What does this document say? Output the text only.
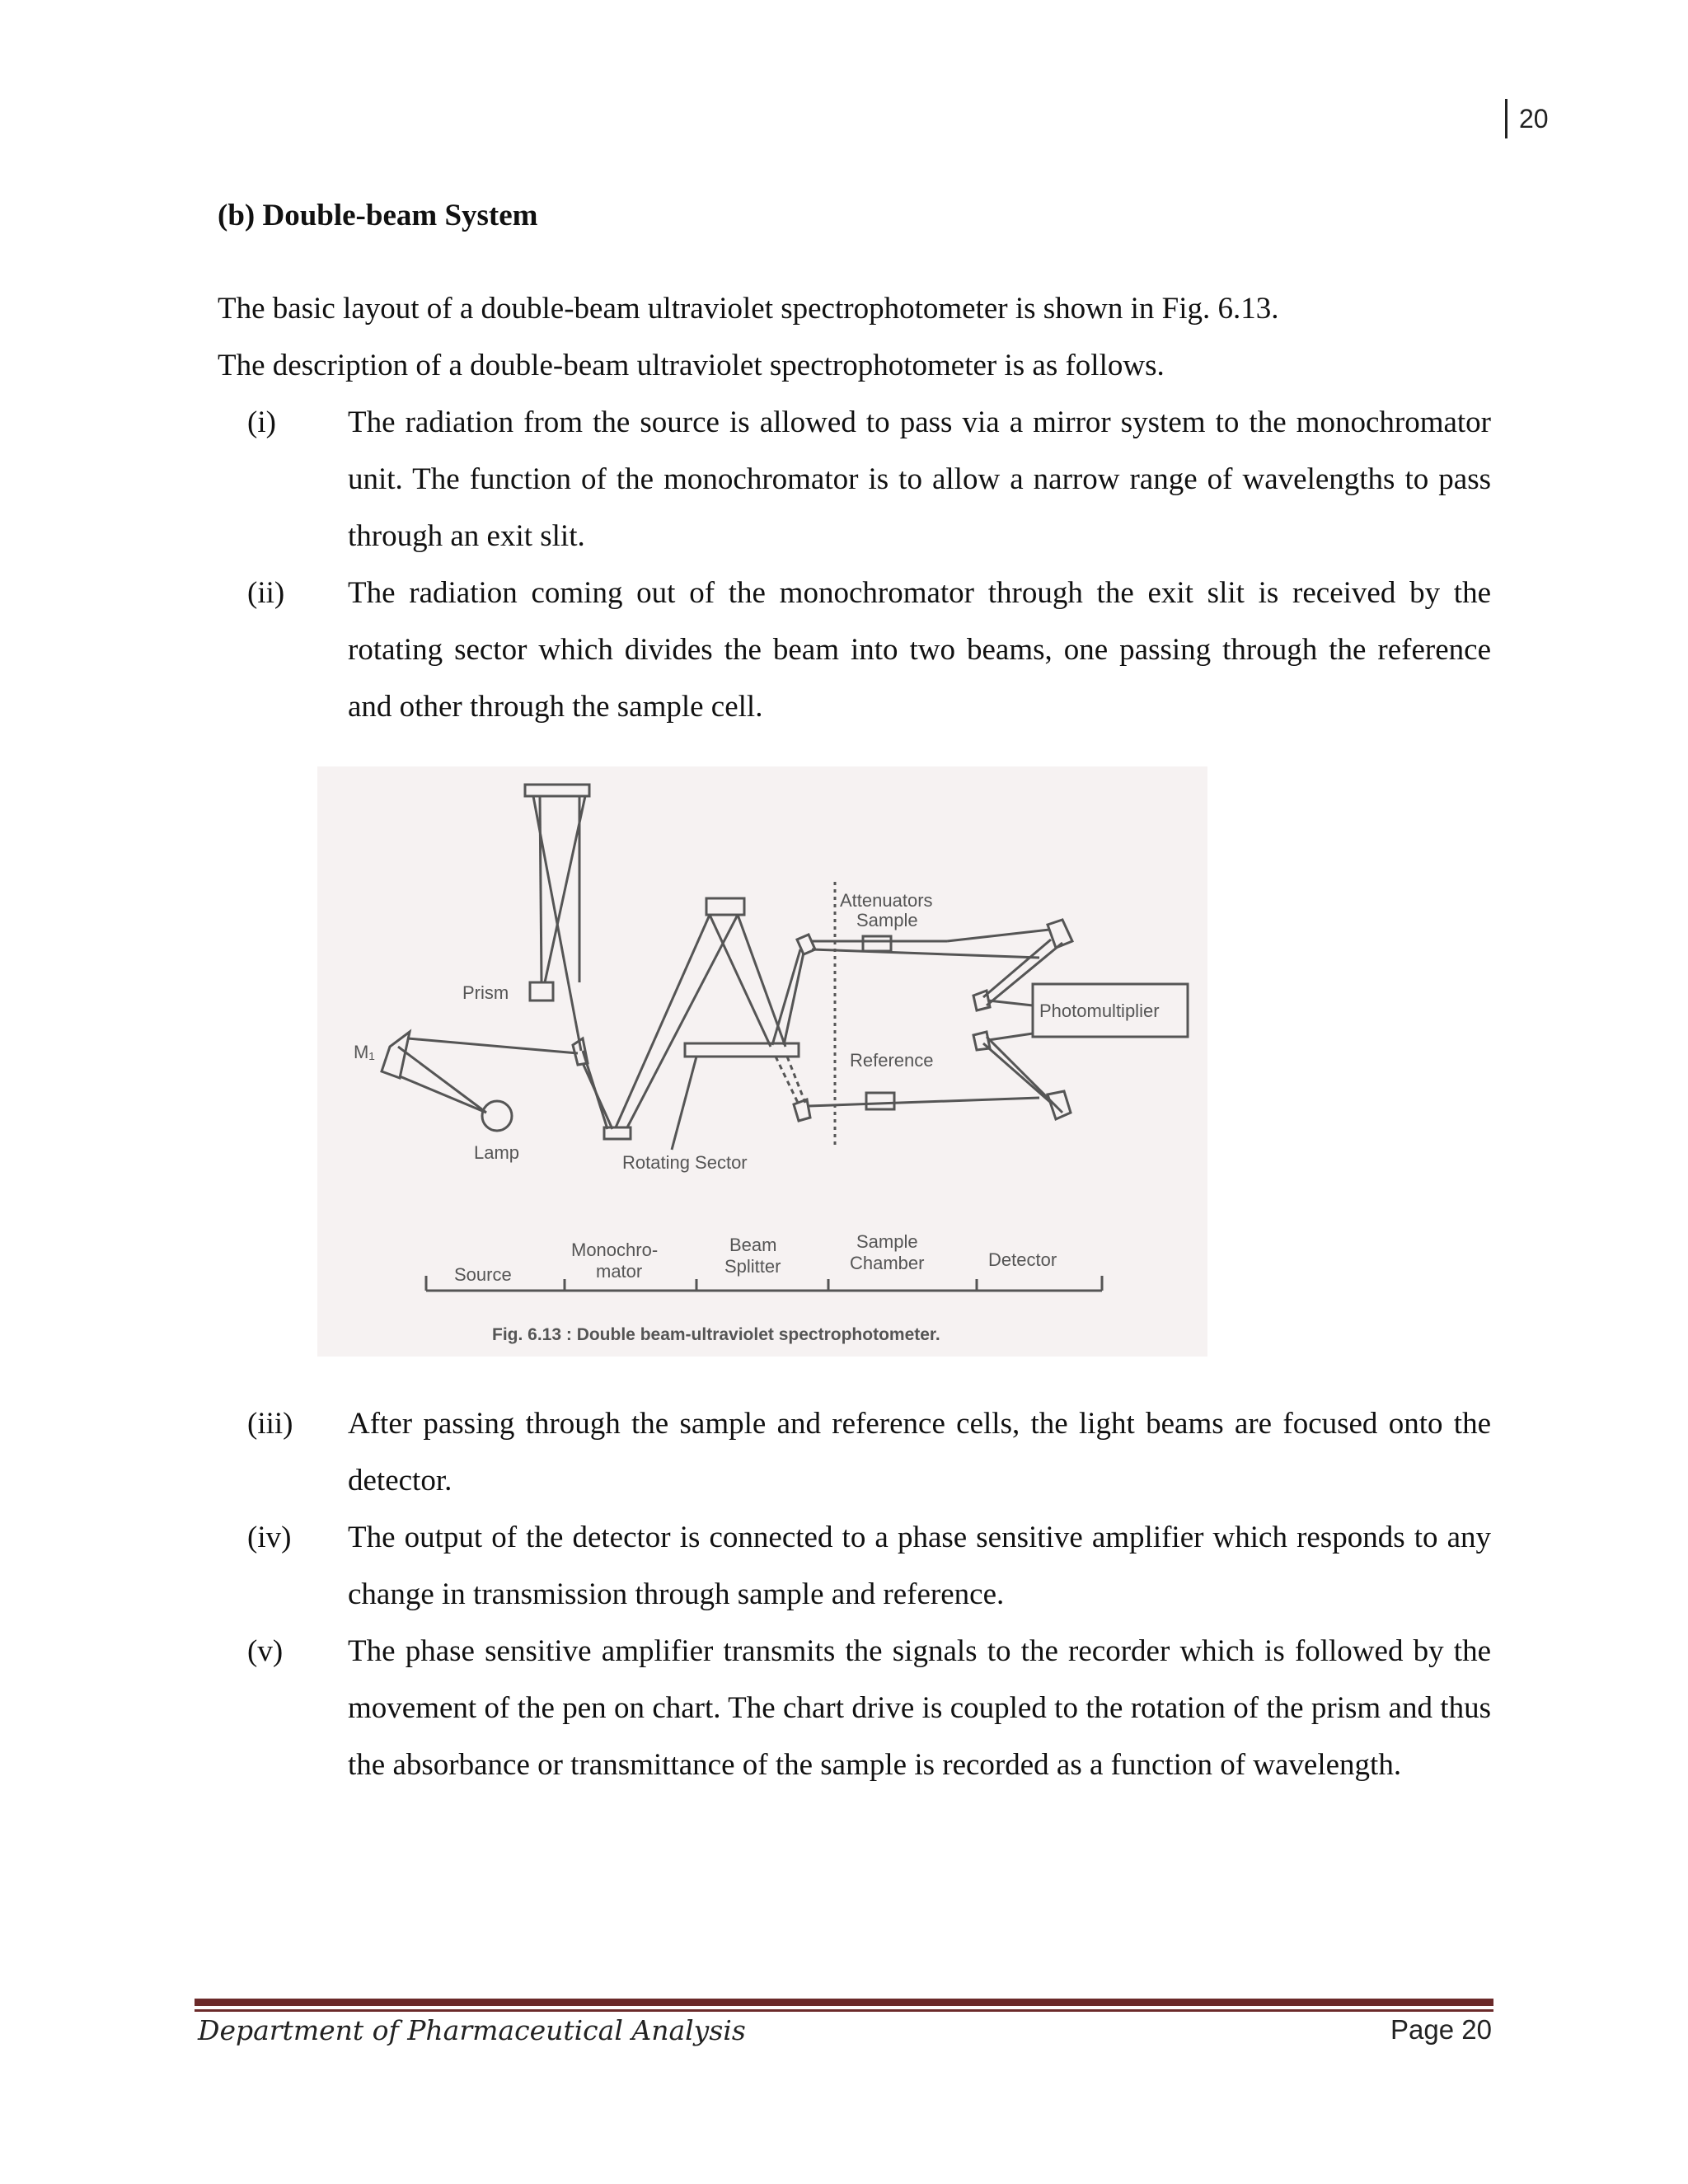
20
(b) Double-beam System

The basic layout of a double-beam ultraviolet spectrophotometer is shown in Fig. 6.13.

The description of a double-beam ultraviolet spectrophotometer is as follows.

(i)	The radiation from the source is allowed to pass via a mirror system to the monochromator unit. The function of the monochromator is to allow a narrow range of wavelengths to pass through an exit slit.
(ii)	The radiation coming out of the monochromator through the exit slit is received by the rotating sector which divides the beam into two beams, one passing through the reference and other through the sample cell.
Prism
M₁
Lamp	Rotating Sector
Attenuators
Sample
Reference
Photomultiplier
Source
Monochro-
mator
Beam
Splitter
Sample
Chamber	Detector
Fig. 6.13 : Double beam-ultraviolet spectrophotometer.
(iii)	After passing through the sample and reference cells, the light beams are focused onto the detector.
(iv)	The output of the detector is connected to a phase sensitive amplifier which responds to any change in transmission through sample and reference.
(v)	The phase sensitive amplifier transmits the signals to the recorder which is followed by the movement of the pen on chart. The chart drive is coupled to the rotation of the prism and thus the absorbance or transmittance of the sample is recorded as a function of wavelength.
Department of Pharmaceutical Analysis	Page 20
